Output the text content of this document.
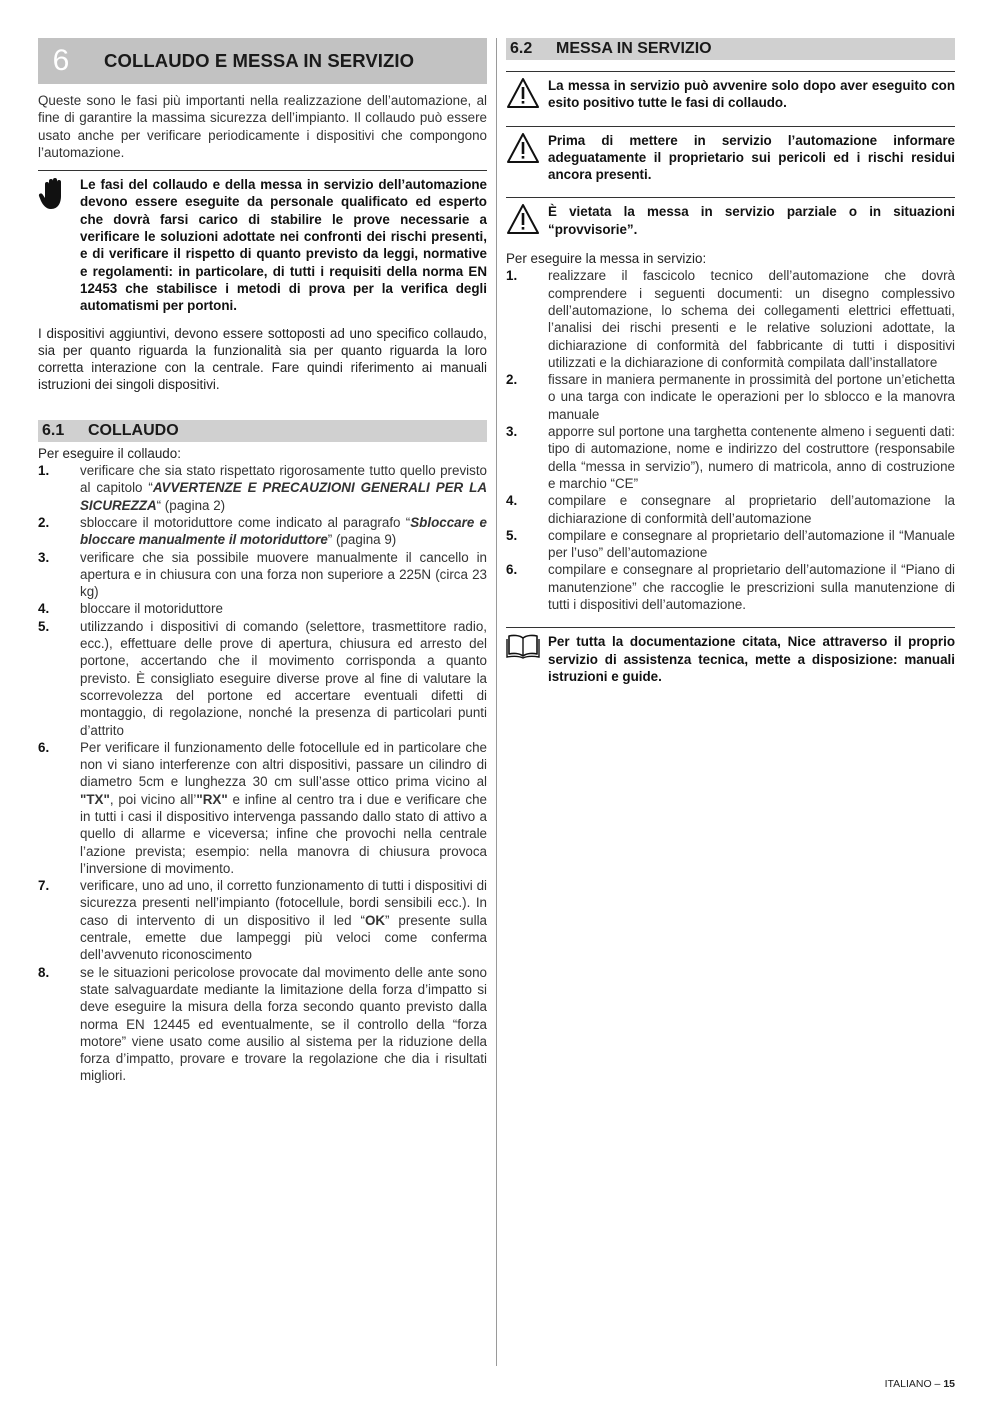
6	COLLAUDO E MESSA IN SERVIZIO

Queste sono le fasi più importanti nella realizzazione dell’automazione, al fine di garantire la massima sicurezza dell’impianto. Il collaudo può essere usato anche per verificare periodicamente i dispositivi che compongono l’automazione.

Le fasi del collaudo e della messa in servizio dell’automazione devono essere eseguite da personale qualificato ed esperto che dovrà farsi carico di stabilire le prove necessarie a verificare le soluzioni adottate nei confronti dei rischi presenti, e di verificare il rispetto di quanto previsto da leggi, normative e regolamenti: in particolare, di tutti i requisiti della norma EN 12453 che stabilisce i metodi di prova per la verifica degli automatismi per portoni.

I dispositivi aggiuntivi, devono essere sottoposti ad uno specifico collaudo, sia per quanto riguarda la funzionalità sia per quanto riguarda la loro corretta interazione con la centrale. Fare quindi riferimento ai manuali istruzioni dei singoli dispositivi.

6.1	COLLAUDO

Per eseguire il collaudo:

1.	verificare che sia stato rispettato rigorosamente tutto quello previsto al capitolo “AVVERTENZE E PRECAUZIONI GENERALI PER LA SICUREZZA“ (pagina 2)
2.	sbloccare il motoriduttore come indicato al paragrafo “Sbloccare e bloccare manualmente il motoriduttore” (pagina 9)
3.	verificare che sia possibile muovere manualmente il cancello in apertura e in chiusura con una forza non superiore a 225N (circa 23 kg)
4.	bloccare il motoriduttore
5.	utilizzando i dispositivi di comando (selettore, trasmettitore radio, ecc.), effettuare delle prove di apertura, chiusura ed arresto del portone, accertando che il movimento corrisponda a quanto previsto. È consigliato eseguire diverse prove al fine di valutare la scorrevolezza del portone ed accertare eventuali difetti di montaggio, di regolazione, nonché la presenza di particolari punti d’attrito
6.	Per verificare il funzionamento delle fotocellule ed in particolare che non vi siano interferenze con altri dispositivi, passare un cilindro di diametro 5cm e lunghezza 30 cm sull’asse ottico prima vicino al "TX", poi vicino all’"RX" e infine al centro tra i due e verificare che in tutti i casi il dispositivo intervenga passando dallo stato di attivo a quello di allarme e viceversa; infine che provochi nella centrale l’azione prevista; esempio: nella manovra di chiusura provoca l’inversione di movimento.
7.	verificare, uno ad uno, il corretto funzionamento di tutti i dispositivi di sicurezza presenti nell’impianto (fotocellule, bordi sensibili ecc.). In caso di intervento di un dispositivo il led “OK” presente sulla centrale, emette due lampeggi più veloci come conferma dell’avvenuto riconoscimento
8.	se le situazioni pericolose provocate dal movimento delle ante sono state salvaguardate mediante la limitazione della forza d’impatto si deve eseguire la misura della forza secondo quanto previsto dalla norma EN 12445 ed eventualmente, se il controllo della “forza motore” viene usato come ausilio al sistema per la riduzione della forza d’impatto, provare e trovare la regolazione che dia i risultati migliori.
6.2	MESSA IN SERVIZIO
La messa in servizio può avvenire solo dopo aver eseguito con esito positivo tutte le fasi di collaudo.
Prima di mettere in servizio l’automazione informare adeguatamente il proprietario sui pericoli ed i rischi residui ancora presenti.
È vietata la messa in servizio parziale o in situazioni “provvisorie”.

Per eseguire la messa in servizio:

1.	realizzare il fascicolo tecnico dell’automazione che dovrà comprendere i seguenti documenti: un disegno complessivo dell’automazione, lo schema dei collegamenti elettrici effettuati, l’analisi dei rischi presenti e le relative soluzioni adottate, la dichiarazione di conformità del fabbricante di tutti i dispositivi utilizzati e la dichiarazione di conformità compilata dall’installatore
2.	fissare in maniera permanente in prossimità del portone un’etichetta o una targa con indicate le operazioni per lo sblocco e la manovra manuale
3.	apporre sul portone una targhetta contenente almeno i seguenti dati: tipo di automazione, nome e indirizzo del costruttore (responsabile della “messa in servizio”), numero di matricola, anno di costruzione e marchio “CE”
4.	compilare e consegnare al proprietario dell’automazione la dichiarazione di conformità dell’automazione
5.	compilare e consegnare al proprietario dell’automazione il “Manuale per l’uso” dell’automazione
6.	compilare e consegnare al proprietario dell’automazione il “Piano di manutenzione” che raccoglie le prescrizioni sulla manutenzione di tutti i dispositivi dell’automazione.
Per tutta la documentazione citata, Nice attraverso il proprio servizio di assistenza tecnica, mette a disposizione: manuali istruzioni e guide.
ITALIANO – 15
